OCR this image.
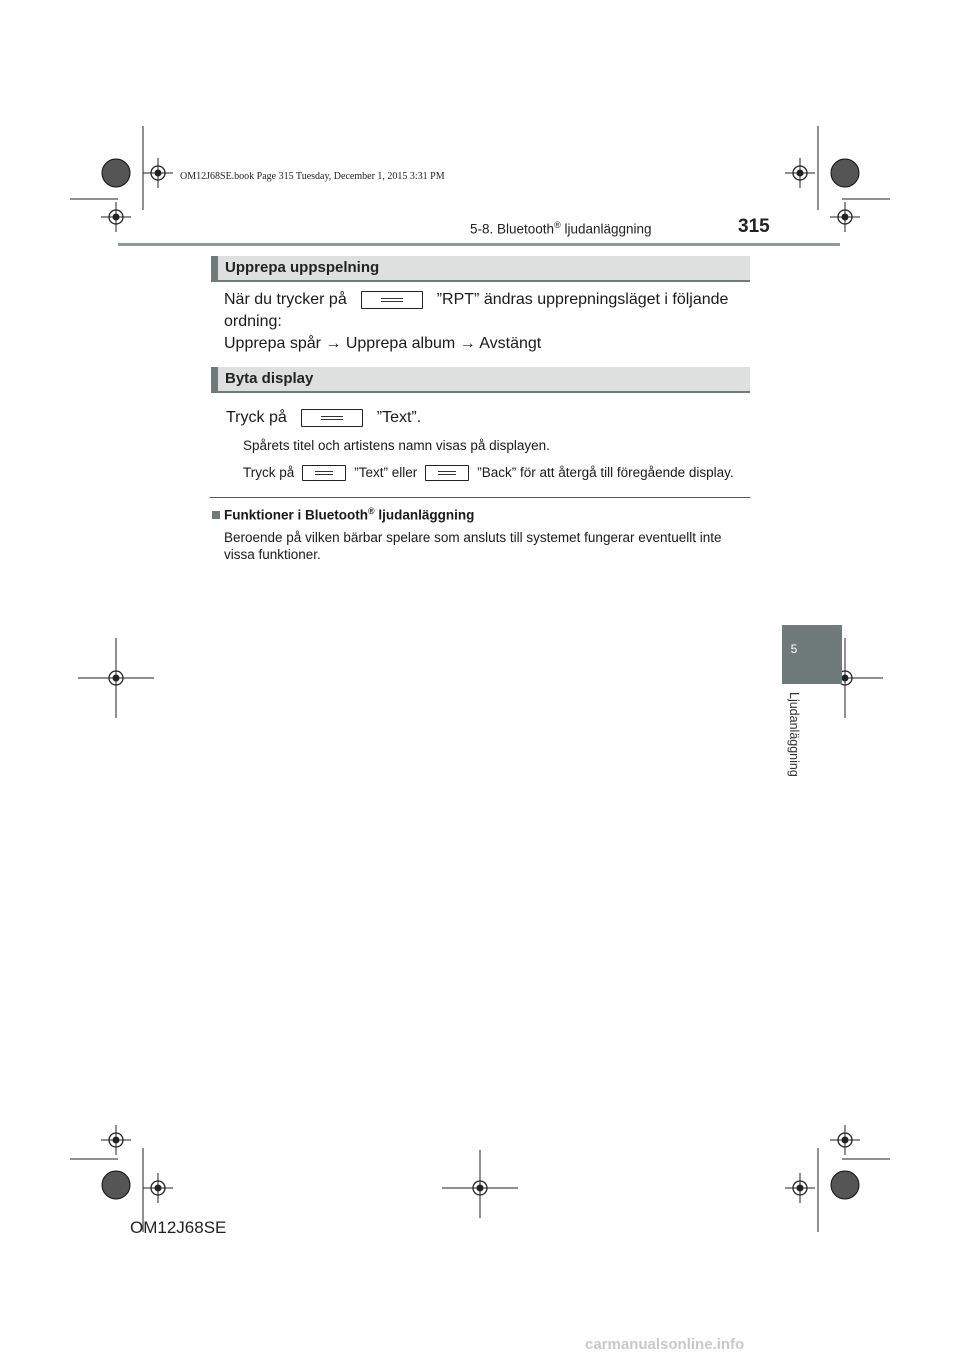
OM12J68SE.book Page 315 Tuesday, December 1, 2015 3:31 PM
5-8. Bluetooth® ljudanläggning	315
5
Ljudanläggning
Upprepa uppspelning
När du trycker på	”RPT” ändras upprepningsläget i följande
ordning:
Upprepa spår → Upprepa album → Avstängt
Byta display
Tryck på	”Text”.
Spårets titel och artistens namn visas på displayen.
Tryck på	”Text” eller	”Back” för att återgå till föregående display.
Funktioner i Bluetooth® ljudanläggning
Beroende på vilken bärbar spelare som ansluts till systemet fungerar eventuellt inte vissa funktioner.
OM12J68SE
carmanualsonline.info
